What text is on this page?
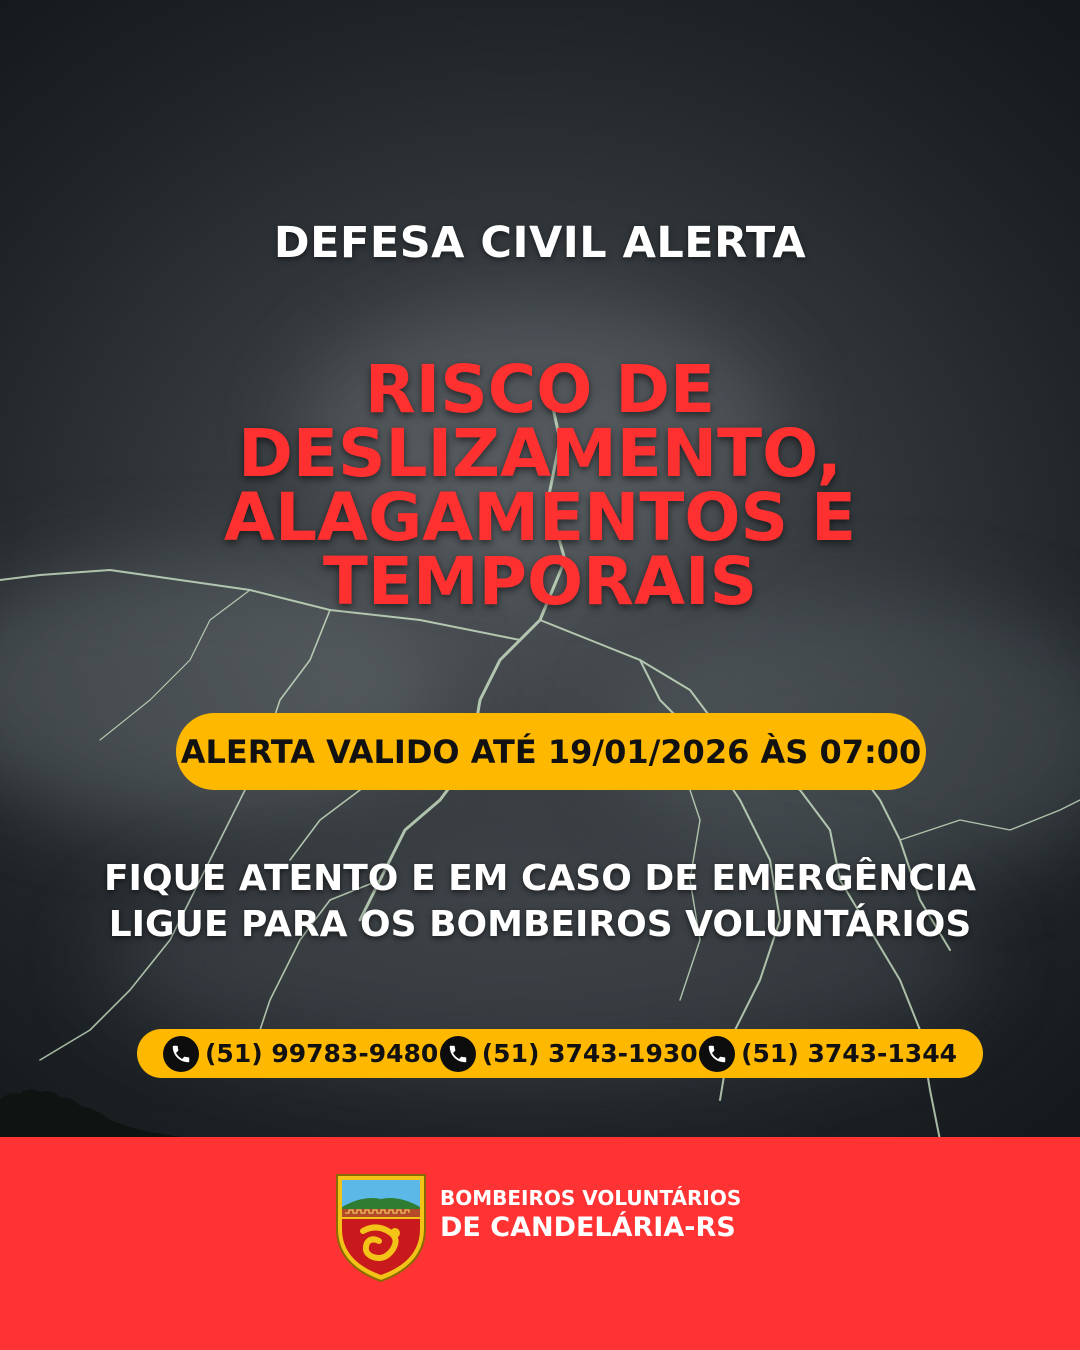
DEFESA CIVIL ALERTA
RISCO DE
DESLIZAMENTO,
ALAGAMENTOS E
TEMPORAIS
ALERTA VALIDO ATÉ 19/01/2026 ÀS 07:00
FIQUE ATENTO E EM CASO DE EMERGÊNCIA
LIGUE PARA OS BOMBEIROS VOLUNTÁRIOS
(51) 99783-9480 (51) 3743-1930 (51) 3743-1344
BOMBEIROS VOLUNTÁRIOS
DE CANDELÁRIA-RS
